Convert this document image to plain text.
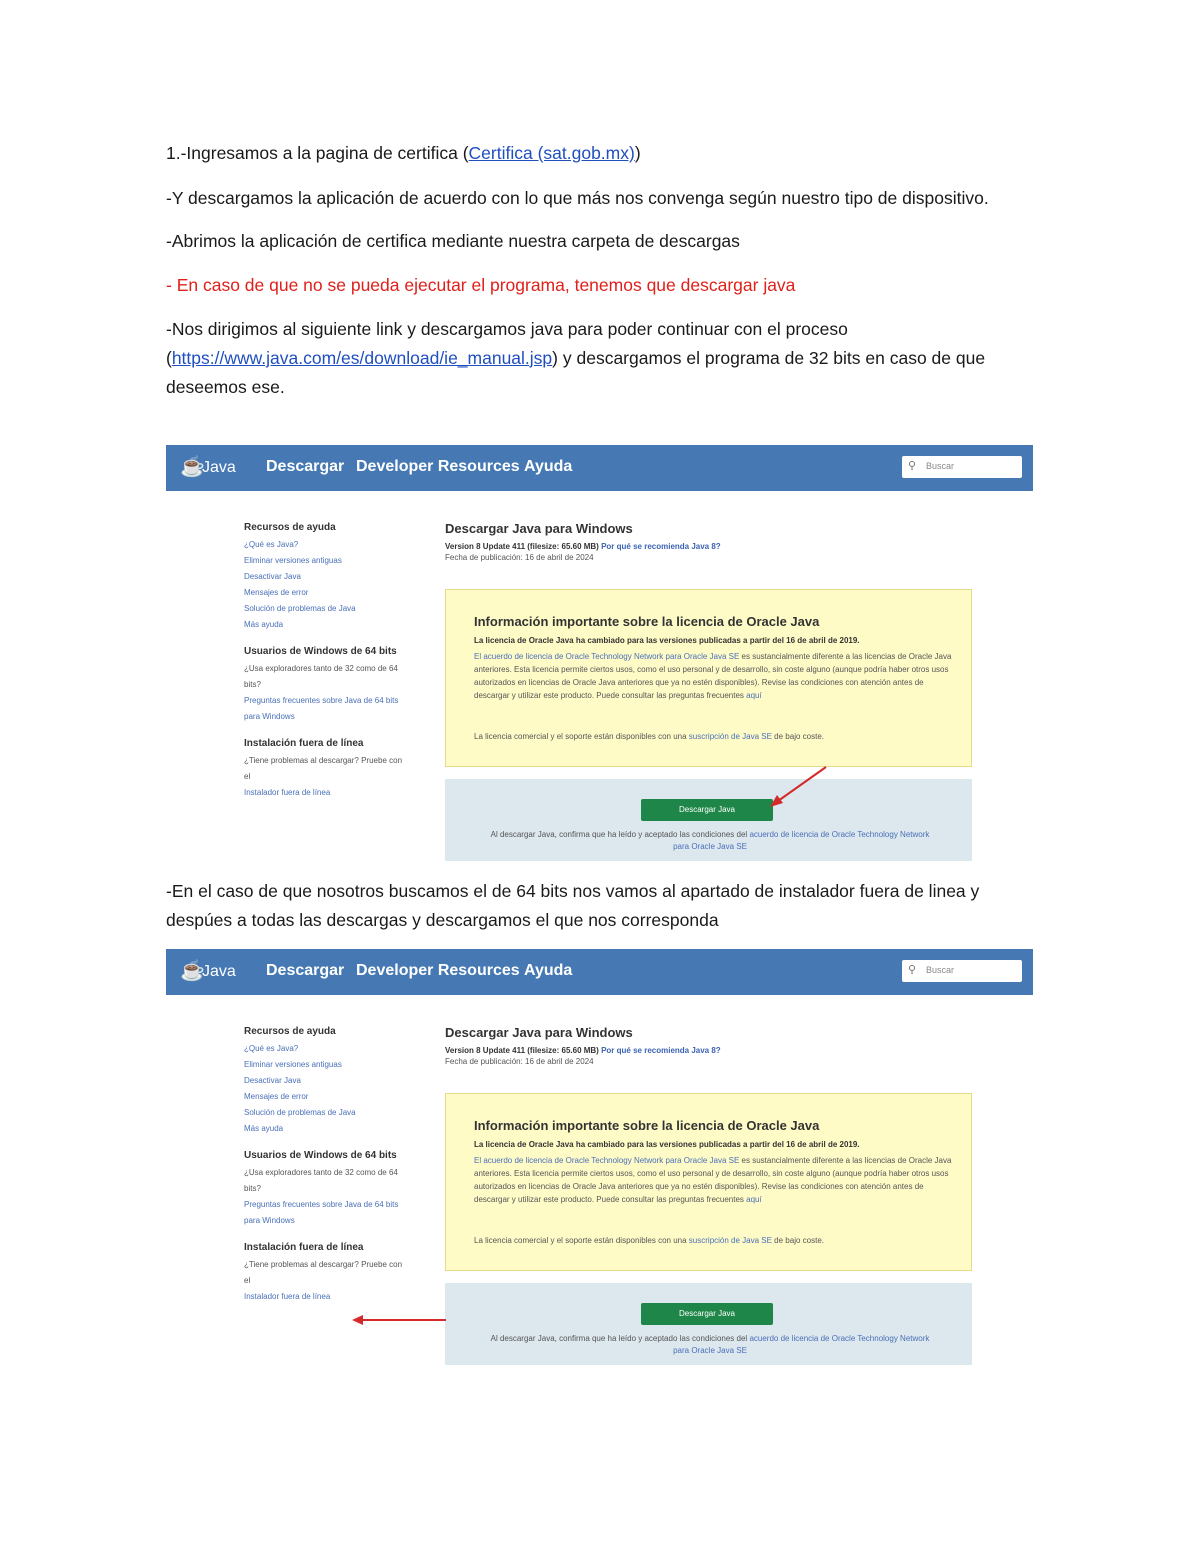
1.-Ingresamos a la pagina de certifica (Certifica (sat.gob.mx))

-Y descargamos la aplicación de acuerdo con lo que más nos convenga según nuestro tipo de dispositivo.

-Abrimos la aplicación de certifica mediante nuestra carpeta de descargas

- En caso de que no se pueda ejecutar el programa, tenemos que descargar java

-Nos dirigimos al siguiente link y descargamos java para poder continuar con el proceso (https://www.java.com/es/download/ie_manual.jsp) y descargamos el programa de 32 bits en caso de que deseemos ese.

☕
Java Descargar Developer Resources Ayuda	⚲ Buscar
Recursos de ayuda
¿Qué es Java?
Eliminar versiones antiguas
Desactivar Java
Mensajes de error
Solución de problemas de Java
Más ayuda
Usuarios de Windows de 64 bits
¿Usa exploradores tanto de 32 como de 64 bits?
Preguntas frecuentes sobre Java de 64 bits para Windows
Instalación fuera de línea
¿Tiene problemas al descargar? Pruebe con el
Instalador fuera de línea
Descargar Java para Windows
Version 8 Update 411 (filesize: 65.60 MB) Por qué se recomienda Java 8?
Fecha de publicación: 16 de abril de 2024
Información importante sobre la licencia de Oracle Java
La licencia de Oracle Java ha cambiado para las versiones publicadas a partir del 16 de abril de 2019.
El acuerdo de licencia de Oracle Technology Network para Oracle Java SE es sustancialmente diferente a las licencias de Oracle Java anteriores. Esta licencia permite ciertos usos, como el uso personal y de desarrollo, sin coste alguno (aunque podría haber otros usos autorizados en licencias de Oracle Java anteriores que ya no estén disponibles). Revise las condiciones con atención antes de descargar y utilizar este producto. Puede consultar las preguntas frecuentes aquí
La licencia comercial y el soporte están disponibles con una suscripción de Java SE de bajo coste.
Descargar Java
Al descargar Java, confirma que ha leído y aceptado las condiciones del acuerdo de licencia de Oracle Technology Network para Oracle Java SE

-En el caso de que nosotros buscamos el de 64 bits nos vamos al apartado de instalador fuera de linea y despúes a todas las descargas y descargamos el que nos corresponda

☕
Java Descargar Developer Resources Ayuda	⚲ Buscar
Recursos de ayuda
¿Qué es Java?
Eliminar versiones antiguas
Desactivar Java
Mensajes de error
Solución de problemas de Java
Más ayuda
Usuarios de Windows de 64 bits
¿Usa exploradores tanto de 32 como de 64 bits?
Preguntas frecuentes sobre Java de 64 bits para Windows
Instalación fuera de línea
¿Tiene problemas al descargar? Pruebe con el
Instalador fuera de línea
Descargar Java para Windows
Version 8 Update 411 (filesize: 65.60 MB) Por qué se recomienda Java 8?
Fecha de publicación: 16 de abril de 2024
Información importante sobre la licencia de Oracle Java
La licencia de Oracle Java ha cambiado para las versiones publicadas a partir del 16 de abril de 2019.
El acuerdo de licencia de Oracle Technology Network para Oracle Java SE es sustancialmente diferente a las licencias de Oracle Java anteriores. Esta licencia permite ciertos usos, como el uso personal y de desarrollo, sin coste alguno (aunque podría haber otros usos autorizados en licencias de Oracle Java anteriores que ya no estén disponibles). Revise las condiciones con atención antes de descargar y utilizar este producto. Puede consultar las preguntas frecuentes aquí
La licencia comercial y el soporte están disponibles con una suscripción de Java SE de bajo coste.
Descargar Java
Al descargar Java, confirma que ha leído y aceptado las condiciones del acuerdo de licencia de Oracle Technology Network para Oracle Java SE
